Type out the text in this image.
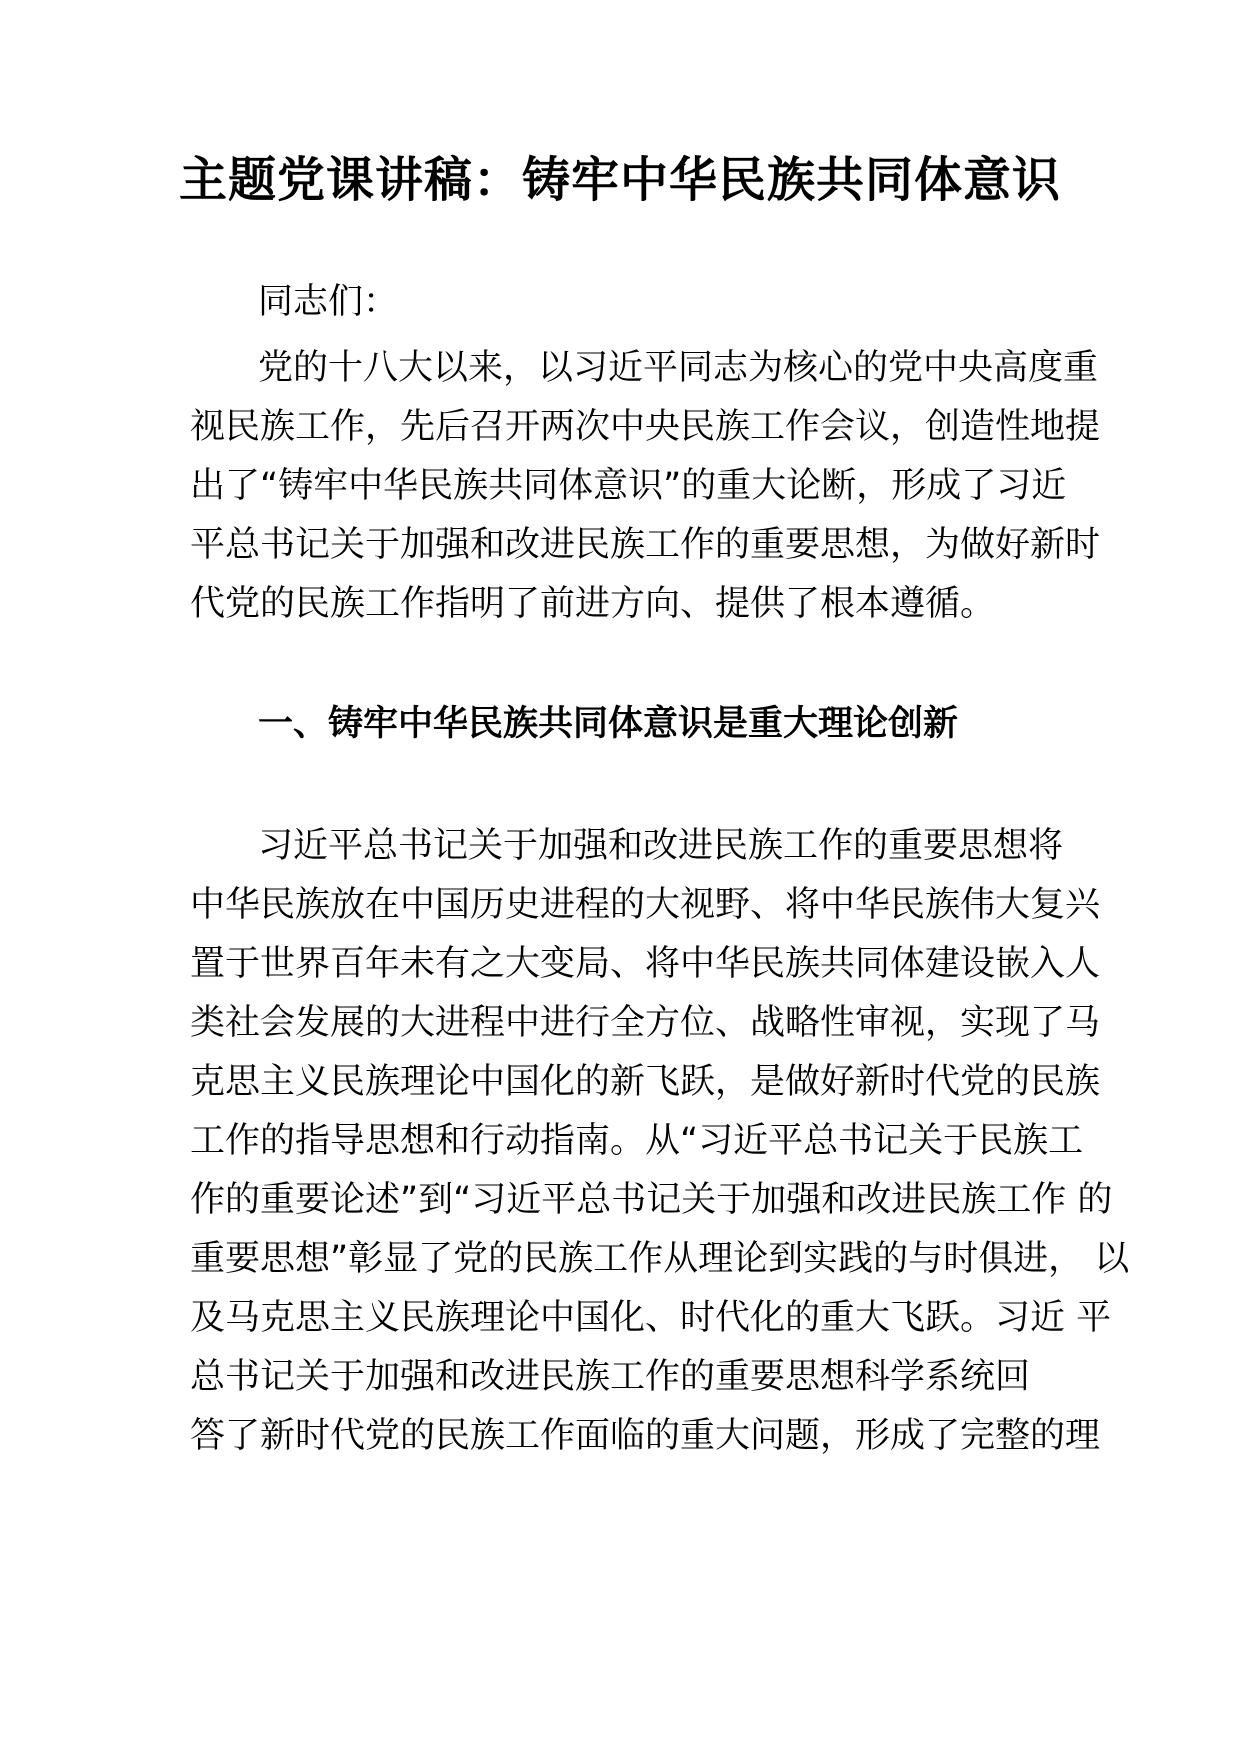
主题党课讲稿：铸牢中华民族共同体意识
同志们：
党的十八大以来，以习近平同志为核心的党中央高度重
视民族工作，先后召开两次中央民族工作会议，创造性地提
出了“铸牢中华民族共同体意识”的重大论断，形成了习近
平总书记关于加强和改进民族工作的重要思想，为做好新时
代党的民族工作指明了前进方向、提供了根本遵循。
一、铸牢中华民族共同体意识是重大理论创新
习近平总书记关于加强和改进民族工作的重要思想将
中华民族放在中国历史进程的大视野、将中华民族伟大复兴
置于世界百年未有之大变局、将中华民族共同体建设嵌入人
类社会发展的大进程中进行全方位、战略性审视，实现了马
克思主义民族理论中国化的新飞跃，是做好新时代党的民族
工作的指导思想和行动指南。从“习近平总书记关于民族工
作的重要论述”到“习近平总书记关于加强和改进民族工作 的
重要思想”彰显了党的民族工作从理论到实践的与时俱进， 以
及马克思主义民族理论中国化、时代化的重大飞跃。习近 平
总书记关于加强和改进民族工作的重要思想科学系统回
答了新时代党的民族工作面临的重大问题，形成了完整的理
